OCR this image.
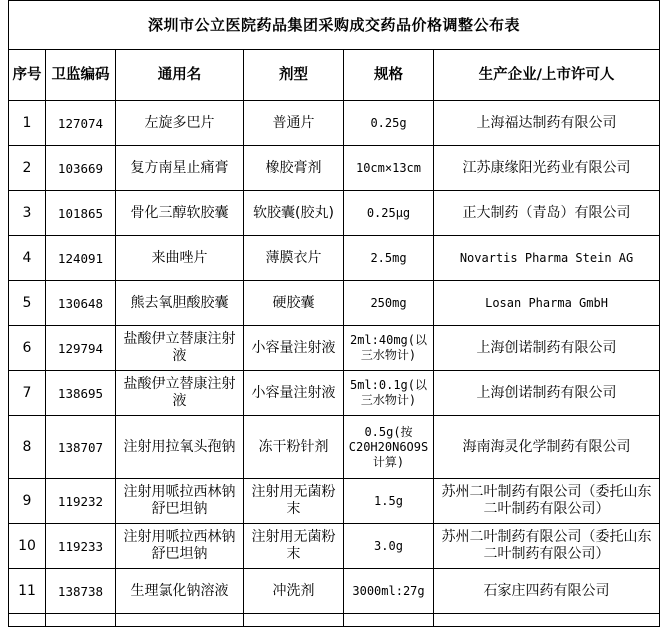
深圳市公立医院药品集团采购成交药品价格调整公布表					
序号	卫监编码	通用名	剂型	规格	生产企业/上市许可人
1	127074	左旋多巴片	普通片	0.25g	上海福达制药有限公司
2	103669	复方南星止痛膏	橡胶膏剂	10cm×13cm	江苏康缘阳光药业有限公司
3	101865	骨化三醇软胶囊	软胶囊(胶丸)	0.25μg	正大制药（青岛）有限公司
4	124091	来曲唑片	薄膜衣片	2.5mg	Novartis Pharma Stein AG
5	130648	熊去氧胆酸胶囊	硬胶囊	250mg	Losan Pharma GmbH
6	129794	盐酸伊立替康注射液	小容量注射液	2ml:40mg(以三水物计)	上海创诺制药有限公司
7	138695	盐酸伊立替康注射液	小容量注射液	5ml:0.1g(以三水物计)	上海创诺制药有限公司
8	138707	注射用拉氧头孢钠	冻干粉针剂	0.5g(按C20H20N6O9S计算)	海南海灵化学制药有限公司
9	119232	注射用哌拉西林钠舒巴坦钠	注射用无菌粉末	1.5g	苏州二叶制药有限公司（委托山东二叶制药有限公司）
10	119233	注射用哌拉西林钠舒巴坦钠	注射用无菌粉末	3.0g	苏州二叶制药有限公司（委托山东二叶制药有限公司）
11	138738	生理氯化钠溶液	冲洗剂	3000ml:27g	石家庄四药有限公司
